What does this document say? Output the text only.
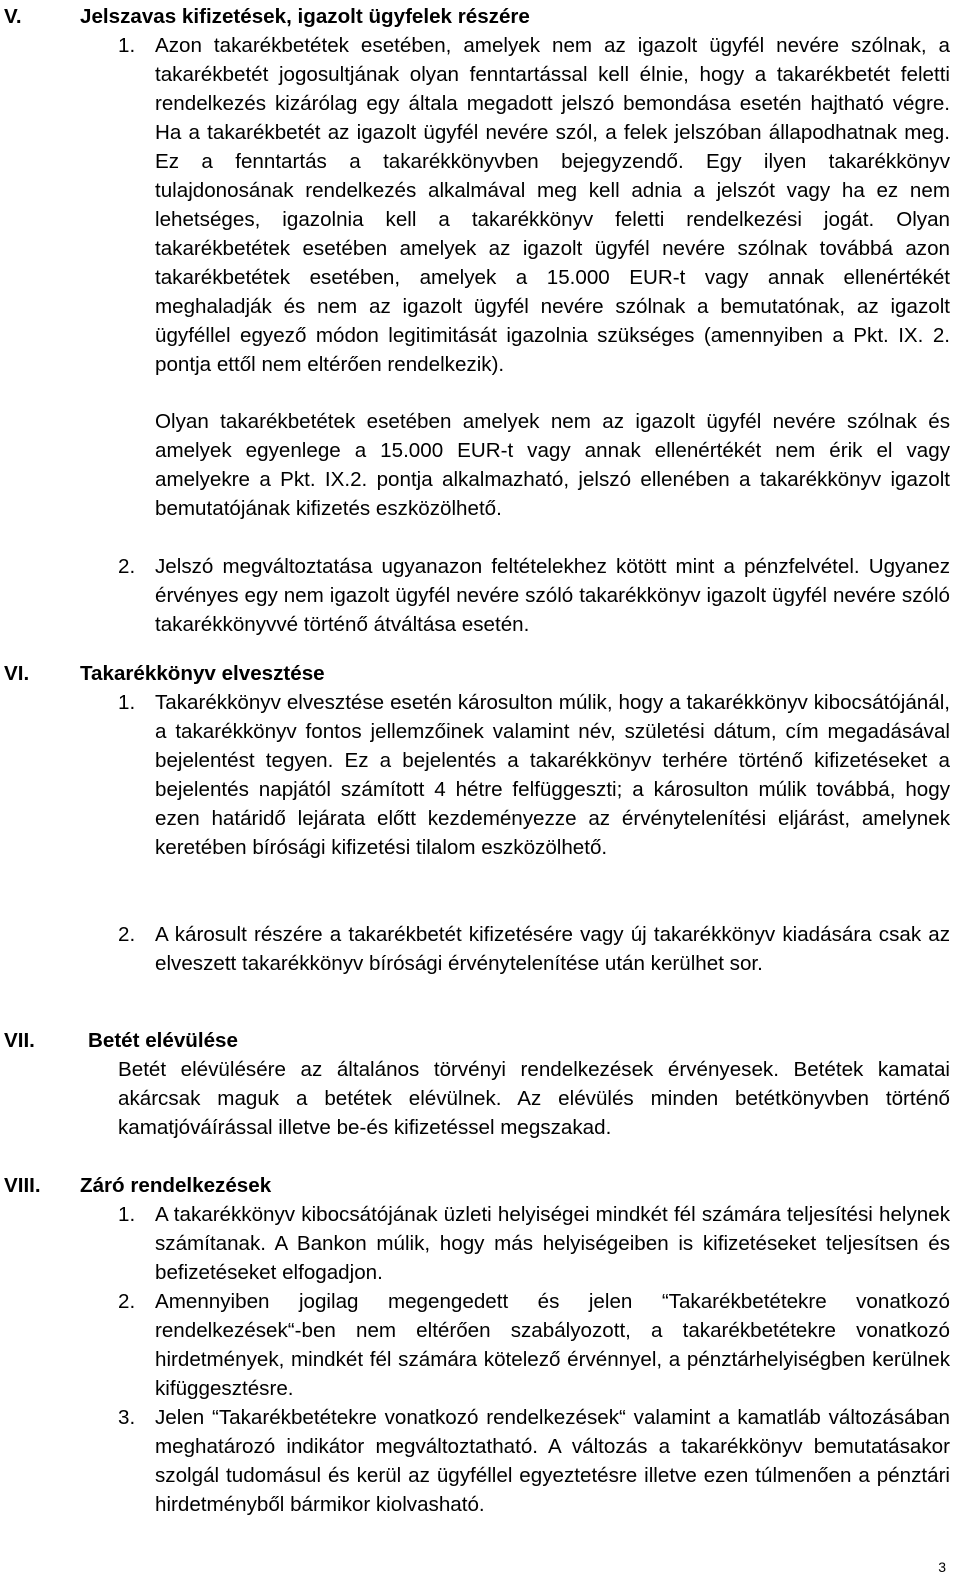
V.	Jelszavas kifizetések, igazolt ügyfelek részére
1. Azon takarékbetétek esetében, amelyek nem az igazolt ügyfél nevére szólnak, a takarékbetét jogosultjának olyan fenntartással kell élnie, hogy a takarékbetét feletti rendelkezés kizárólag egy általa megadott jelszó bemondása esetén hajtható végre. Ha a takarékbetét az igazolt ügyfél nevére szól, a felek jelszóban állapodhatnak meg. Ez a fenntartás a takarékkönyvben bejegyzendő. Egy ilyen takarékkönyv tulajdonosának rendelkezés alkalmával meg kell adnia a jelszót vagy ha ez nem lehetséges, igazolnia kell a takarékkönyv feletti rendelkezési jogát. Olyan takarékbetétek esetében amelyek az igazolt ügyfél nevére szólnak továbbá azon takarékbetétek esetében, amelyek a 15.000 EUR-t vagy annak ellenértékét meghaladják és nem az igazolt ügyfél nevére szólnak a bemutatónak, az igazolt ügyféllel egyező módon legitimitását igazolnia szükséges (amennyiben a Pkt. IX. 2. pontja ettől nem eltérően rendelkezik).
Olyan takarékbetétek esetében amelyek nem az igazolt ügyfél nevére szólnak és amelyek egyenlege a 15.000 EUR-t vagy annak ellenértékét nem érik el vagy amelyekre a Pkt. IX.2. pontja alkalmazható, jelszó ellenében a takarékkönyv igazolt bemutatójának kifizetés eszközölhető.
2. Jelszó megváltoztatása ugyanazon feltételekhez kötött mint a pénzfelvétel. Ugyanez érvényes egy nem igazolt ügyfél nevére szóló takarékkönyv igazolt ügyfél nevére szóló takarékkönyvvé történő átváltása esetén.
VI. Takarékkönyv elvesztése
1. Takarékkönyv elvesztése esetén károsulton múlik, hogy a takarékkönyv kibocsátójánál, a takarékkönyv fontos jellemzőinek valamint név, születési dátum, cím megadásával bejelentést tegyen. Ez a bejelentés a takarékkönyv terhére történő kifizetéseket a bejelentés napjától számított 4 hétre felfüggeszti; a károsulton múlik továbbá, hogy ezen határidő lejárata előtt kezdeményezze az érvénytelenítési eljárást, amelynek keretében bírósági kifizetési tilalom eszközölhető.
2. A károsult részére a takarékbetét kifizetésére vagy új takarékkönyv kiadására csak az elveszett takarékkönyv bírósági érvénytelenítése után kerülhet sor.
VII.	Betét elévülése
Betét elévülésére az általános törvényi rendelkezések érvényesek. Betétek kamatai akárcsak maguk a betétek elévülnek. Az elévülés minden betétkönyvben történő kamatjóváírással illetve be-és kifizetéssel megszakad.
VIII. Záró rendelkezések
1. A takarékkönyv kibocsátójának üzleti helyiségei mindkét fél számára teljesítési helynek számítanak. A Bankon múlik, hogy más helyiségeiben is kifizetéseket teljesítsen és befizetéseket elfogadjon.
2. Amennyiben jogilag megengedett és jelen “Takarékbetétekre vonatkozó rendelkezések“-ben nem eltérően szabályozott, a takarékbetétekre vonatkozó hirdetmények, mindkét fél számára kötelező érvénnyel, a pénztárhelyiségben kerülnek kifüggesztésre.
3. Jelen “Takarékbetétekre vonatkozó rendelkezések“ valamint a kamatláb változásában meghatározó indikátor megváltoztatható. A változás a takarékkönyv bemutatásakor szolgál tudomásul és kerül az ügyféllel egyeztetésre illetve ezen túlmenően a pénztári hirdetményből bármikor kiolvasható.
3
